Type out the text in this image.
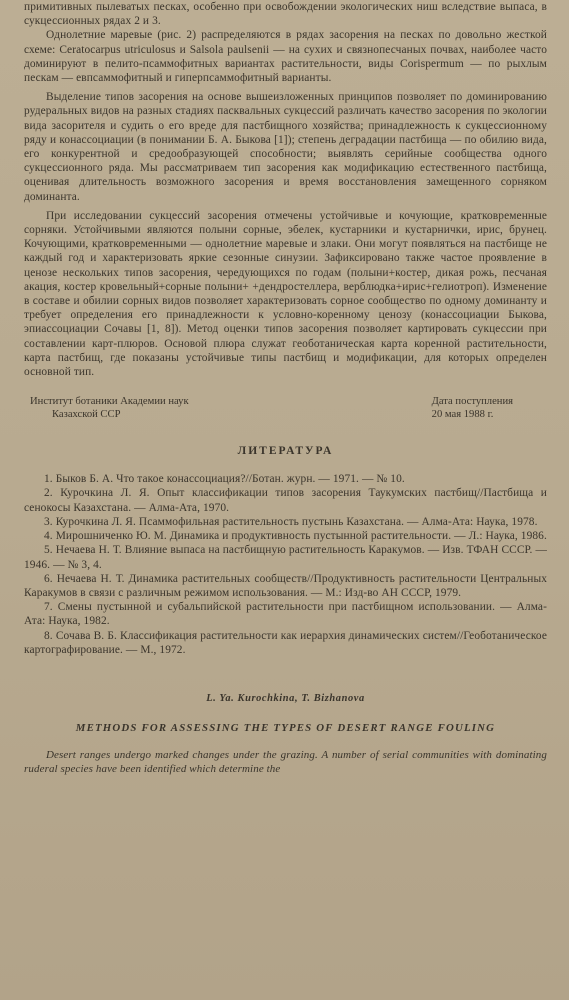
примитивных пылеватых песках, особенно при освобождении экологических ниш вследствие выпаса, в сукцессионных рядах 2 и 3.

Однолетние маревые (рис. 2) распределяются в рядах засорения на песках по довольно жесткой схеме: Ceratocarpus utriculosus и Salsola paulsenii — на сухих и связнопесчаных почвах, наиболее часто доминируют в пелито-псаммофитных вариантах растительности, виды Corispermum — по рыхлым пескам — евпсаммофитный и гиперпсаммофитный варианты.

Выделение типов засорения на основе вышеизложенных принципов позволяет по доминированию рудеральных видов на разных стадиях пасквальных сукцессий различать качество засорения по экологии вида засорителя и судить о его вреде для пастбищного хозяйства; принадлежность к сукцессионному ряду и конассоциации (в понимании Б. А. Быкова [1]); степень деградации пастбища — по обилию вида, его конкурентной и средообразующей способности; выявлять серийные сообщества одного сукцессионного ряда. Мы рассматриваем тип засорения как модификацию естественного пастбища, оценивая длительность возможного засорения и время восстановления замещенного сорняком доминанта.

При исследовании сукцессий засорения отмечены устойчивые и кочующие, кратковременные сорняки. Устойчивыми являются полыни сорные, эбелек, кустарники и кустарнички, ирис, брунец. Кочующими, кратковременными — однолетние маревые и злаки. Они могут появляться на пастбище не каждый год и характеризовать яркие сезонные синузии. Зафиксировано также частое проявление в ценозе нескольких типов засорения, чередующихся по годам (полыни+костер, дикая рожь, песчаная акация, костер кровельный+сорные полыни+ +дендростеллера, верблюдка+ирис+гелиотроп). Изменение в составе и обилии сорных видов позволяет характеризовать сорное сообщество по одному доминанту и требует определения его принадлежности к условно-коренному ценозу (конассоциации Быкова, эпиассоциации Сочавы [1, 8]). Метод оценки типов засорения позволяет картировать сукцессии при составлении карт-плюров. Основой плюра служат геоботаническая карта коренной растительности, карта пастбищ, где показаны устойчивые типы пастбищ и модификации, для которых определен основной тип.

Институт ботаники Академии наук
Казахской ССР
Дата поступления
20 мая 1988 г.
ЛИТЕРАТУРА

1. Быков Б. А. Что такое конассоциация?//Ботан. журн. — 1971. — № 10.

2. Курочкина Л. Я. Опыт классификации типов засорения Таукумских пастбищ//Пастбища и сенокосы Казахстана. — Алма-Ата, 1970.

3. Курочкина Л. Я. Псаммофильная растительность пустынь Казахстана. — Алма-Ата: Наука, 1978.

4. Мирошниченко Ю. М. Динамика и продуктивность пустынной растительности. — Л.: Наука, 1986.

5. Нечаева Н. Т. Влияние выпаса на пастбищную растительность Каракумов. — Изв. ТФАН СССР. — 1946. — № 3, 4.

6. Нечаева Н. Т. Динамика растительных сообществ//Продуктивность растительности Центральных Каракумов в связи с различным режимом использования. — М.: Изд-во АН СССР, 1979.

7. Смены пустынной и субальпийской растительности при пастбищном использовании. — Алма-Ата: Наука, 1982.

8. Сочава В. Б. Классификация растительности как иерархия динамических систем//Геоботаническое картографирование. — М., 1972.

L. Ya. Kurochkina, T. Bizhanova
METHODS FOR ASSESSING THE TYPES OF DESERT RANGE FOULING

Desert ranges undergo marked changes under the grazing. A number of serial communities with dominating ruderal species have been identified which determine the
